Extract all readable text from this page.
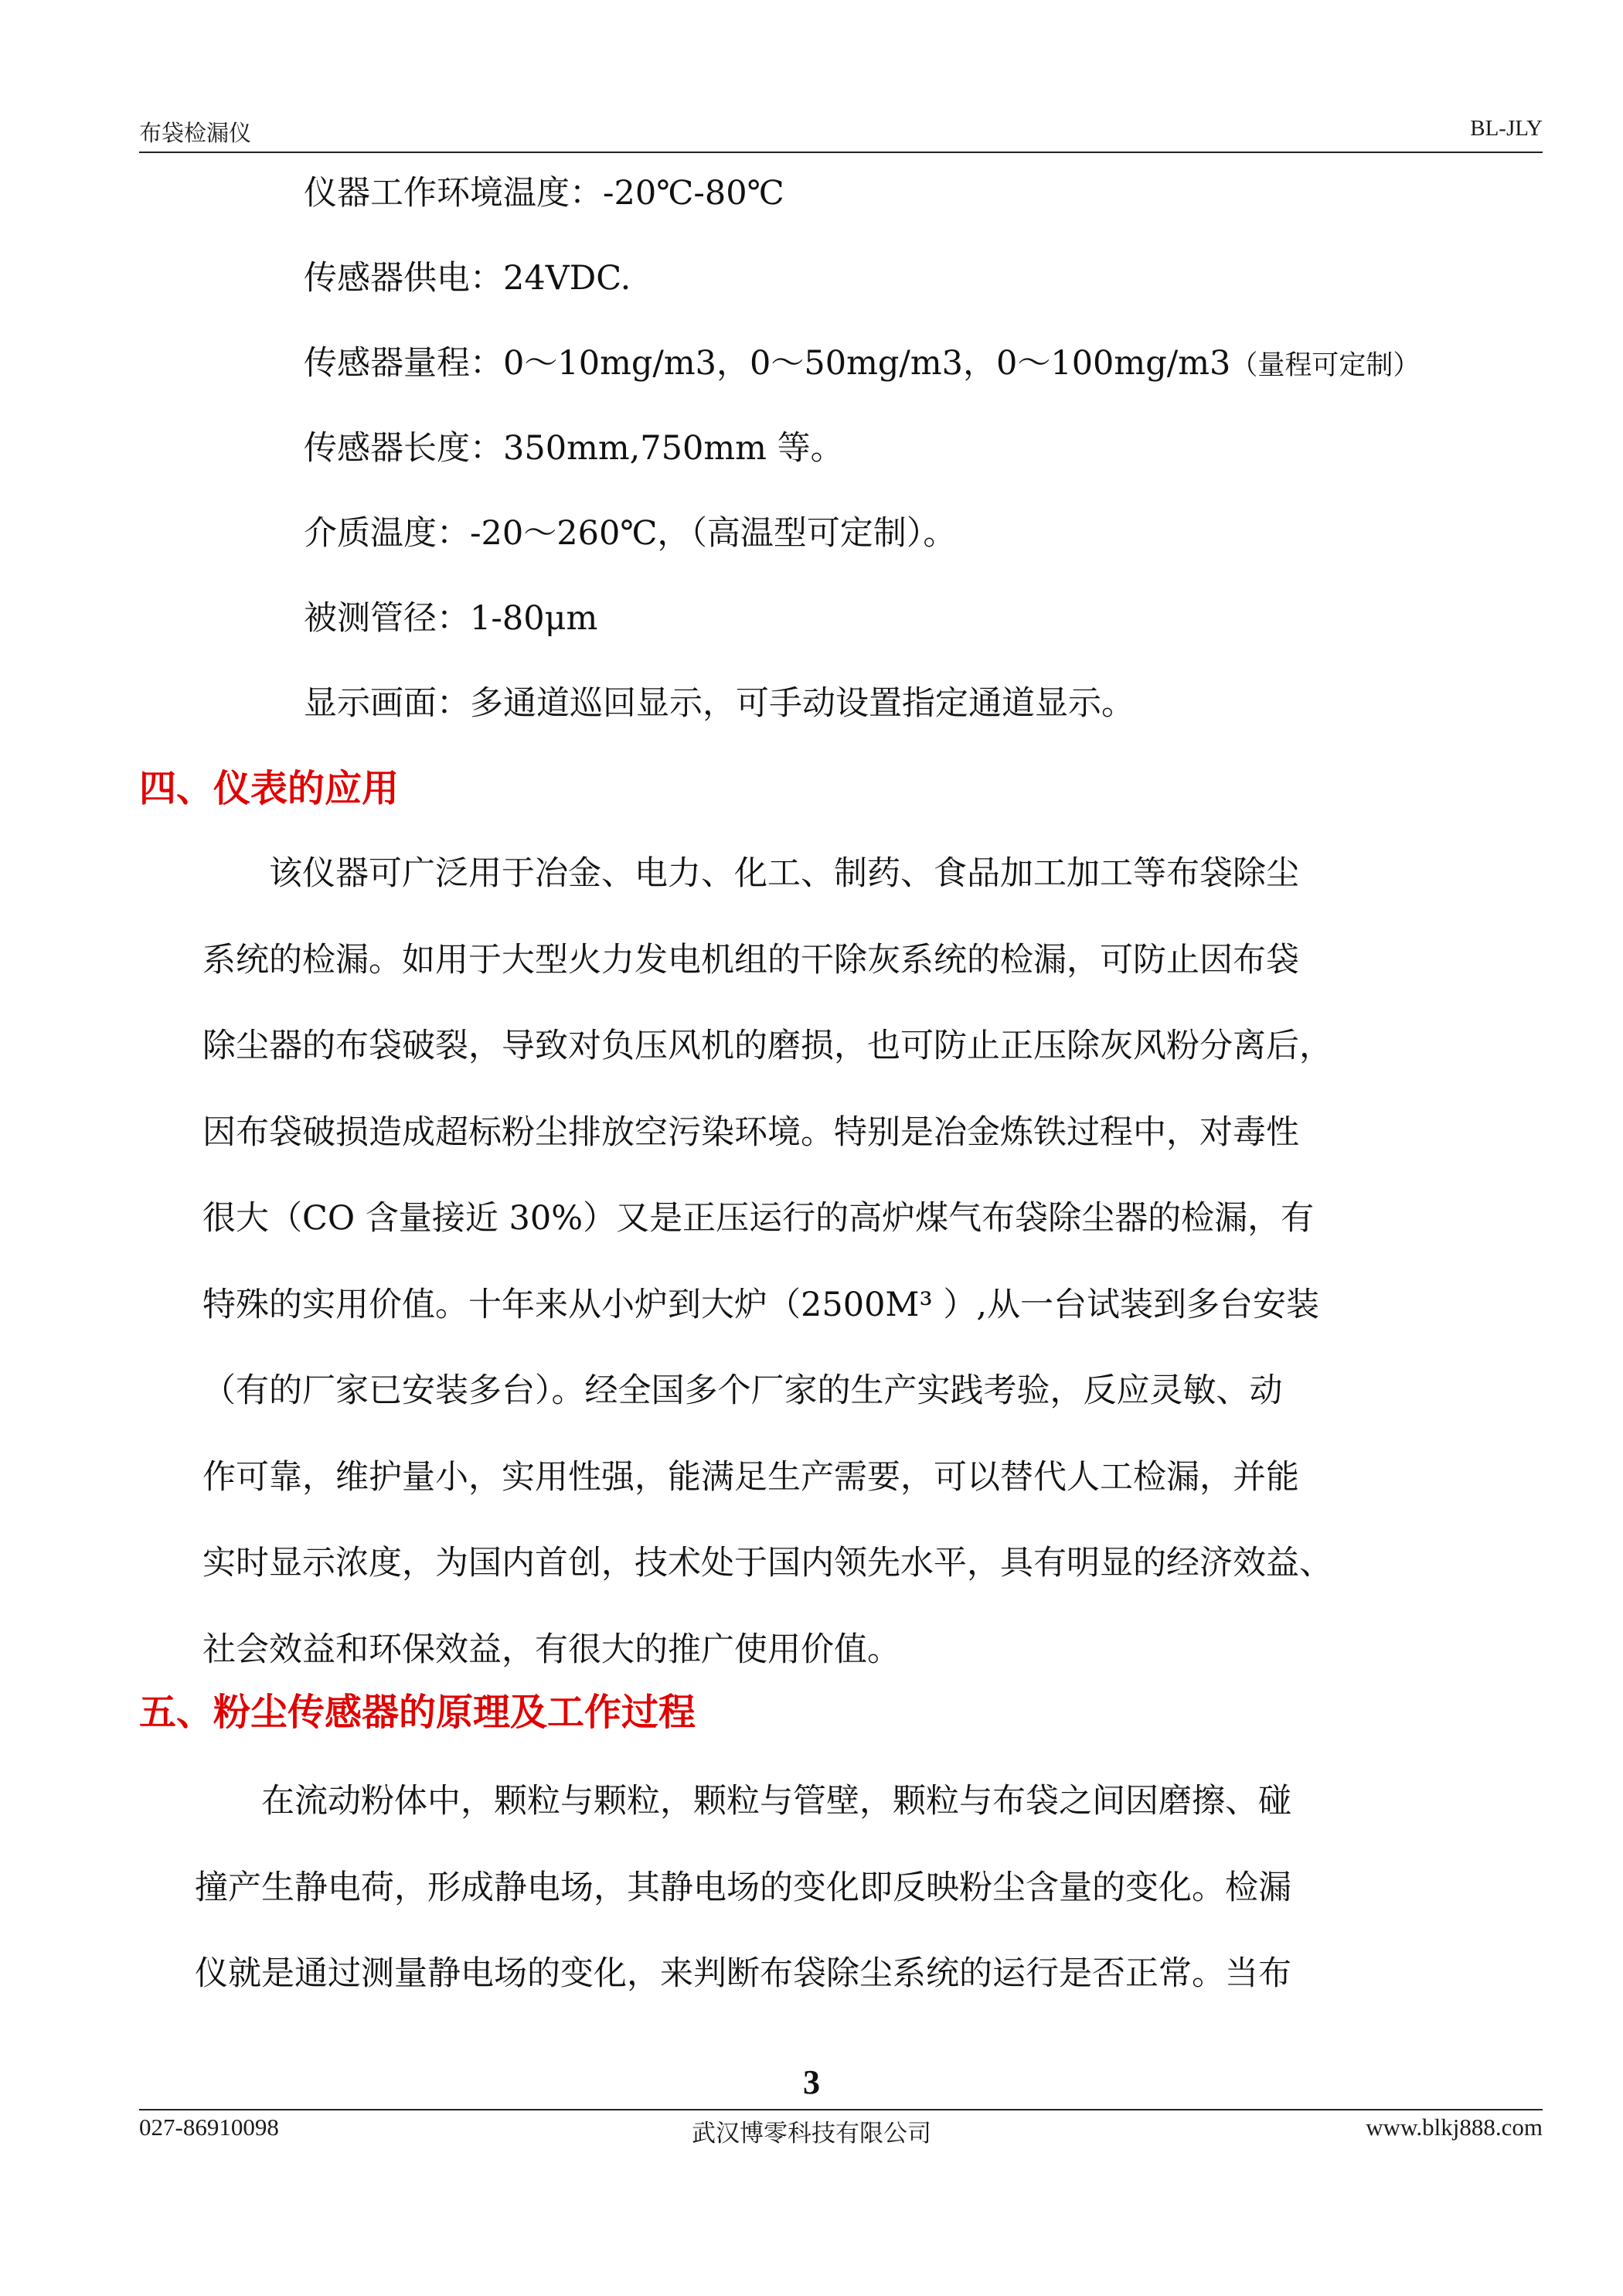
布袋检漏仪	BL-JLY
仪器工作环境温度：-20℃-80℃
传感器供电：24VDC.
传感器量程：0～10mg/m3，0～50mg/m3，0～100mg/m3（量程可定制）
传感器长度：350mm,750mm 等。
介质温度：-20～260℃，（高温型可定制）。
被测管径：1-80μm
显示画面：多通道巡回显示，可手动设置指定通道显示。
四、仪表的应用
该仪器可广泛用于冶金、电力、化工、制药、食品加工加工等布袋除尘
系统的检漏。如用于大型火力发电机组的干除灰系统的检漏，可防止因布袋
除尘器的布袋破裂，导致对负压风机的磨损，也可防止正压除灰风粉分离后，
因布袋破损造成超标粉尘排放空污染环境。特别是冶金炼铁过程中，对毒性
很大（CO 含量接近 30%）又是正压运行的高炉煤气布袋除尘器的检漏，有
特殊的实用价值。十年来从小炉到大炉（2500M³ ）,从一台试装到多台安装
（有的厂家已安装多台）。经全国多个厂家的生产实践考验，反应灵敏、动
作可靠，维护量小，实用性强，能满足生产需要，可以替代人工检漏，并能
实时显示浓度，为国内首创，技术处于国内领先水平，具有明显的经济效益、
社会效益和环保效益，有很大的推广使用价值。
五、粉尘传感器的原理及工作过程
在流动粉体中，颗粒与颗粒，颗粒与管壁，颗粒与布袋之间因磨擦、碰
撞产生静电荷，形成静电场，其静电场的变化即反映粉尘含量的变化。检漏
仪就是通过测量静电场的变化，来判断布袋除尘系统的运行是否正常。当布
3
027-86910098	武汉博零科技有限公司	www.blkj888.com
